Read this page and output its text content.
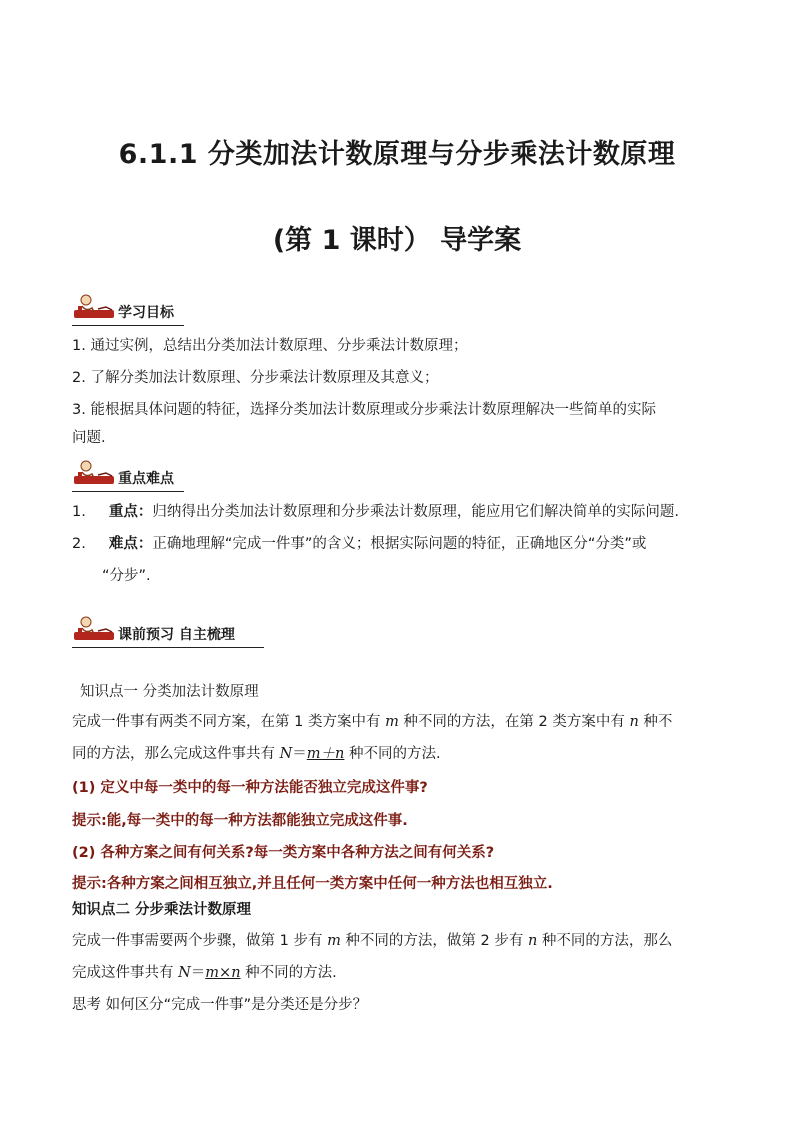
6.1.1 分类加法计数原理与分步乘法计数原理
(第 1 课时） 导学案
学习目标
1. 通过实例，总结出分类加法计数原理、分步乘法计数原理；
2. 了解分类加法计数原理、分步乘法计数原理及其意义；
3. 能根据具体问题的特征，选择分类加法计数原理或分步乘法计数原理解决一些简单的实际
问题.
重点难点
1. 重点：归纳得出分类加法计数原理和分步乘法计数原理，能应用它们解决简单的实际问题.
2. 难点：正确地理解“完成一件事”的含义；根据实际问题的特征，正确地区分“分类”或
“分步”.
课前预习 自主梳理
知识点一 分类加法计数原理
完成一件事有两类不同方案，在第 1 类方案中有 m 种不同的方法，在第 2 类方案中有 n 种不
同的方法，那么完成这件事共有 N＝m＋n 种不同的方法.
(1) 定义中每一类中的每一种方法能否独立完成这件事?
提示:能,每一类中的每一种方法都能独立完成这件事.
(2) 各种方案之间有何关系?每一类方案中各种方法之间有何关系?
提示:各种方案之间相互独立,并且任何一类方案中任何一种方法也相互独立.
知识点二 分步乘法计数原理
完成一件事需要两个步骤，做第 1 步有 m 种不同的方法，做第 2 步有 n 种不同的方法，那么
完成这件事共有 N＝m×n 种不同的方法.
思考 如何区分“完成一件事”是分类还是分步？
